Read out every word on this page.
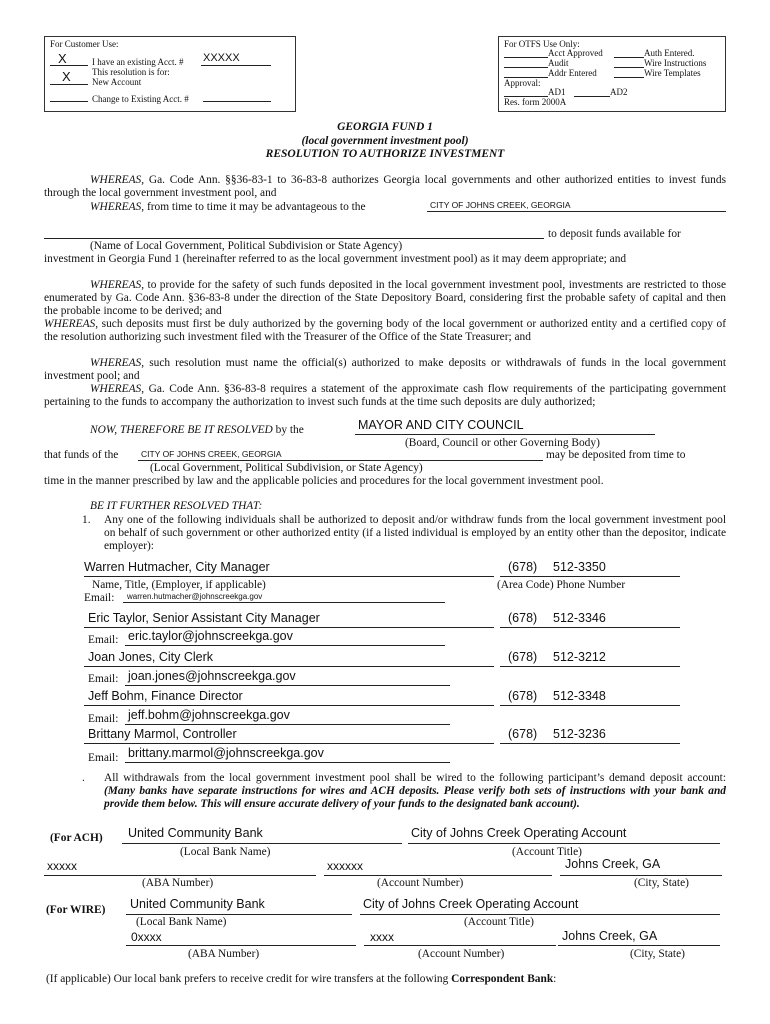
For Customer Use:
X	I have an existing Acct. # XXXXX
X This resolution is for:
New Account
Change to Existing Acct. #
For OTFS Use Only:
Acct Approved	Auth Entered.
Audit	Wire Instructions
Addr Entered	Wire Templates
Approval:
AD1	AD2
Res. form 2000A
GEORGIA FUND 1
(local government investment pool)
RESOLUTION TO AUTHORIZE INVESTMENT
WHEREAS, Ga. Code Ann. §§36-83-1 to 36-83-8 authorizes Georgia local governments and other authorized entities to invest funds through the local government investment pool, and
WHEREAS, from time to time it may be advantageous to the	CITY OF JOHNS CREEK, GEORGIA
to deposit funds available for
(Name of Local Government, Political Subdivision or State Agency)
investment in Georgia Fund 1 (hereinafter referred to as the local government investment pool) as it may deem appropriate; and
WHEREAS, to provide for the safety of such funds deposited in the local government investment pool, investments are restricted to those enumerated by Ga. Code Ann. §36-83-8 under the direction of the State Depository Board, considering first the probable safety of capital and then the probable income to be derived; and
WHEREAS, such deposits must first be duly authorized by the governing body of the local government or authorized entity and a certified copy of the resolution authorizing such investment filed with the Treasurer of the Office of the State Treasurer; and
WHEREAS, such resolution must name the official(s) authorized to make deposits or withdrawals of funds in the local government investment pool; and
WHEREAS, Ga. Code Ann. §36-83-8 requires a statement of the approximate cash flow requirements of the participating government pertaining to the funds to accompany the authorization to invest such funds at the time such deposits are duly authorized;
NOW, THEREFORE BE IT RESOLVED by the	MAYOR AND CITY COUNCIL
(Board, Council or other Governing Body)
that funds of the	CITY OF JOHNS CREEK, GEORGIA	may be deposited from time to
(Local Government, Political Subdivision, or State Agency)
time in the manner prescribed by law and the applicable policies and procedures for the local government investment pool.
BE IT FURTHER RESOLVED THAT:
1. Any one of the following individuals shall be authorized to deposit and/or withdraw funds from the local government investment pool on behalf of such government or other authorized entity (if a listed individual is employed by an entity other than the depositor, indicate employer):
Warren Hutmacher, City Manager	(678) 512-3350
Name, Title, (Employer, if applicable)	(Area Code) Phone Number
Email: warren.hutmacher@johnscreekga.gov
Eric Taylor, Senior Assistant City Manager	(678) 512-3346
Email: eric.taylor@johnscreekga.gov
Joan Jones, City Clerk	(678) 512-3212
Email: joan.jones@johnscreekga.gov
Jeff Bohm, Finance Director	(678) 512-3348
Email: jeff.bohm@johnscreekga.gov
Brittany Marmol, Controller	(678) 512-3236
Email: brittany.marmol@johnscreekga.gov
. All withdrawals from the local government investment pool shall be wired to the following participant’s demand deposit account: (Many banks have separate instructions for wires and ACH deposits. Please verify both sets of instructions with your bank and provide them below. This will ensure accurate delivery of your funds to the designated bank account).
(For ACH) United Community Bank
(Local Bank Name)
City of Johns Creek Operating Account
(Account Title)
xxxxx
(ABA Number)
xxxxxx
(Account Number)
Johns Creek, GA
(City, State)
(For WIRE) United Community Bank
(Local Bank Name)
City of Johns Creek Operating Account
(Account Title)
0xxxx
(ABA Number)
xxxx
(Account Number)
Johns Creek, GA
(City, State)
(If applicable) Our local bank prefers to receive credit for wire transfers at the following Correspondent Bank:
